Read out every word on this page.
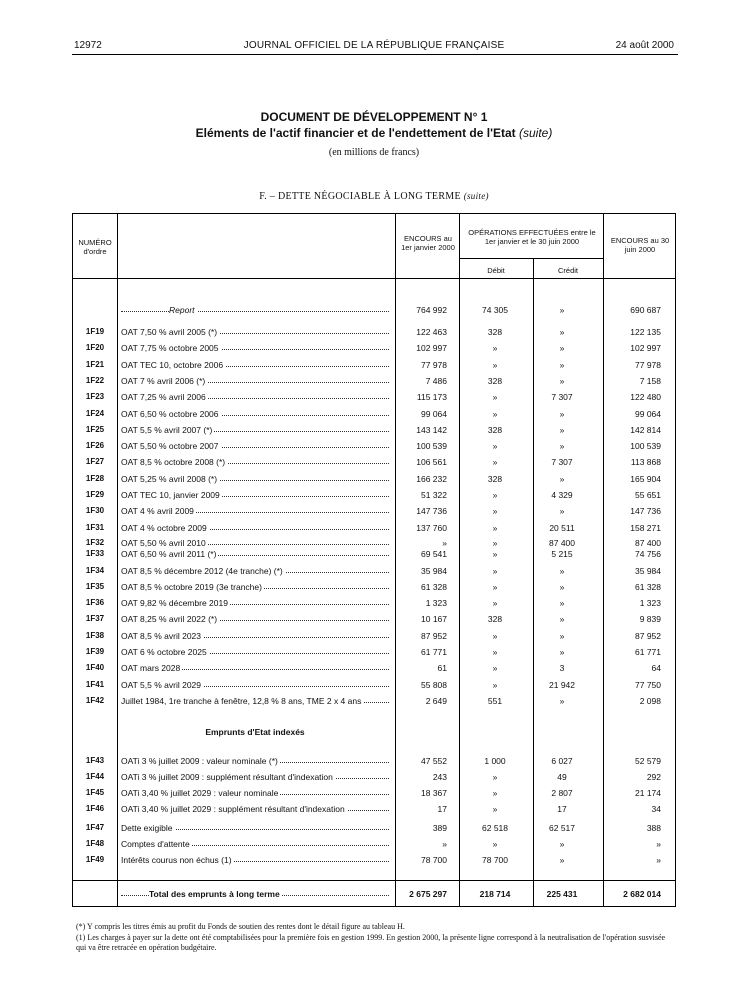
12972	JOURNAL OFFICIEL DE LA RÉPUBLIQUE FRANÇAISE	24 août 2000
DOCUMENT DE DÉVELOPPEMENT N° 1
Eléments de l'actif financier et de l'endettement de l'Etat (suite)
(en millions de francs)
F. – DETTE NÉGOCIABLE À LONG TERME (suite)
NUMÉRO d'ordre
ENCOURS au 1er janvier 2000
OPÉRATIONS EFFECTUÉES entre le 1er janvier et le 30 juin 2000
Débit	Crédit
ENCOURS au 30 juin 2000
Report	764 992	74 305	»	690 687
1F19	OAT 7,50 % avril 2005 (*)	122 463	328	»	122 135
1F20	OAT 7,75 % octobre 2005	102 997	»	»	102 997
1F21	OAT TEC 10, octobre 2006	77 978	»	»	77 978
1F22	OAT 7 % avril 2006 (*)	7 486	328	»	7 158
1F23	OAT 7,25 % avril 2006	115 173	»	7 307	122 480
1F24	OAT 6,50 % octobre 2006	99 064	»	»	99 064
1F25	OAT 5,5 % avril 2007 (*)	143 142	328	»	142 814
1F26	OAT 5,50 % octobre 2007	100 539	»	»	100 539
1F27	OAT 8,5 % octobre 2008 (*)	106 561	»	7 307	113 868
1F28	OAT 5,25 % avril 2008 (*)	166 232	328	»	165 904
1F29	OAT TEC 10, janvier 2009	51 322	»	4 329	55 651
1F30	OAT 4 % avril 2009	147 736	»	»	147 736
1F31	OAT 4 % octobre 2009	137 760	»	20 511	158 271
1F32	OAT 5,50 % avril 2010	»	»	87 400	87 400
1F33	OAT 6,50 % avril 2011 (*)	69 541	»	5 215	74 756
1F34	OAT 8,5 % décembre 2012 (4e tranche) (*)	35 984	»	»	35 984
1F35	OAT 8,5 % octobre 2019 (3e tranche)	61 328	»	»	61 328
1F36	OAT 9,82 % décembre 2019	1 323	»	»	1 323
1F37	OAT 8,25 % avril 2022 (*)	10 167	328	»	9 839
1F38	OAT 8,5 % avril 2023	87 952	»	»	87 952
1F39	OAT 6 % octobre 2025	61 771	»	»	61 771
1F40	OAT mars 2028	61	»	3	64
1F41	OAT 5,5 % avril 2029	55 808	»	21 942	77 750
1F42	Juillet 1984, 1re tranche à fenêtre, 12,8 % 8 ans, TME 2 x 4 ans	2 649	551	»	2 098
1F43	OATi 3 % juillet 2009 : valeur nominale (*)	47 552	1 000	6 027	52 579
1F44	OATi 3 % juillet 2009 : supplément résultant d'indexation	243	»	49	292
1F45	OATi 3,40 % juillet 2029 : valeur nominale	18 367	»	2 807	21 174
1F46	OATi 3,40 % juillet 2029 : supplément résultant d'indexation	17	»	17	34
1F47	Dette exigible	389	62 518	62 517	388
1F48	Comptes d'attente	»	»	»	»
1F49	Intérêts courus non échus (1)	78 700	78 700	»	»
Emprunts d'Etat indexés
Total des emprunts à long terme	2 675 297	218 714	225 431	2 682 014
(*) Y compris les titres émis au profit du Fonds de soutien des rentes dont le détail figure au tableau H.
(1) Les charges à payer sur la dette ont été comptabilisées pour la première fois en gestion 1999. En gestion 2000, la présente ligne correspond à la neutralisation de l'opération susvisée qui va être retracée en opération budgétaire.
